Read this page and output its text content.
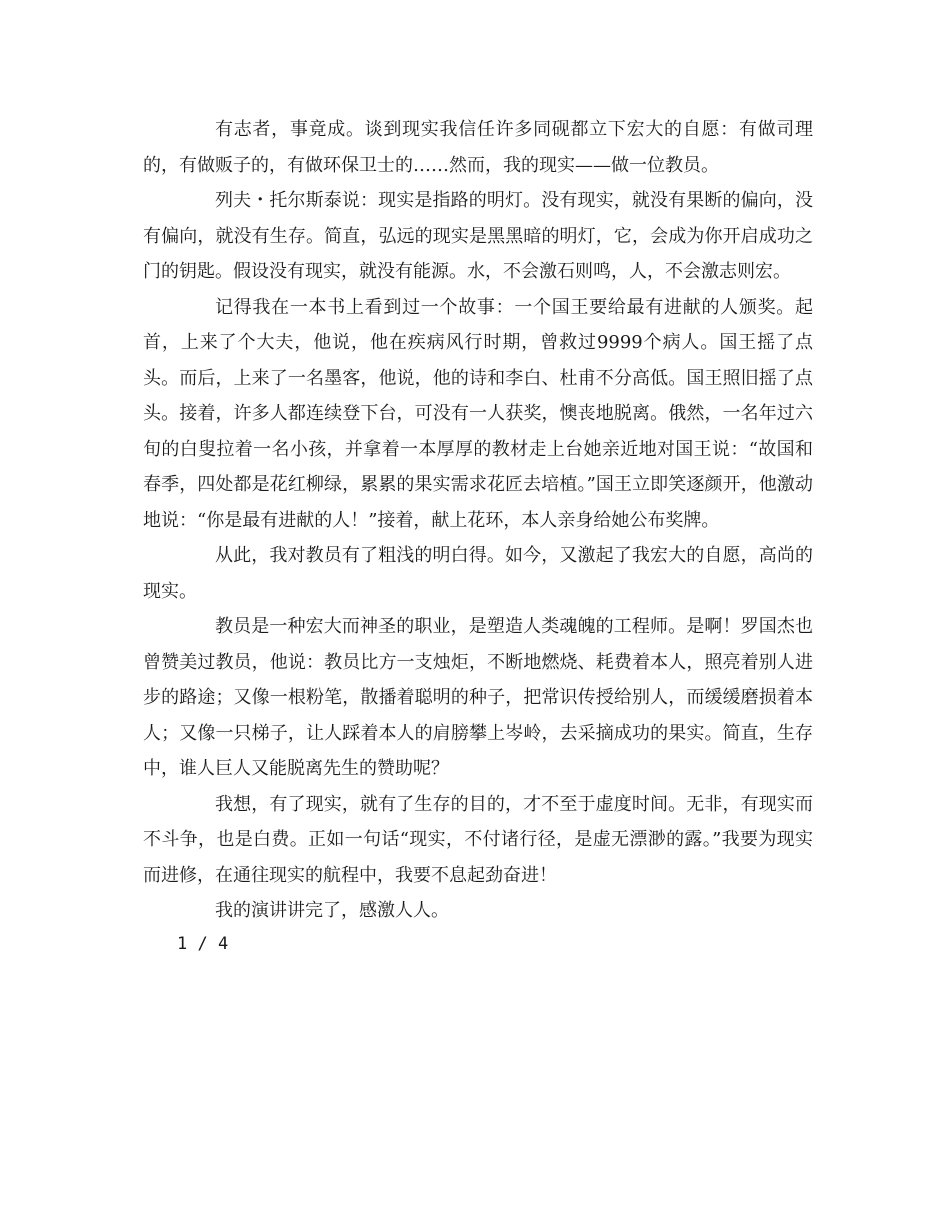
有志者，事竟成。谈到现实我信任许多同砚都立下宏大的自愿：有做司理的，有做贩子的，有做环保卫士的……然而，我的现实——做一位教员。

列夫・托尔斯泰说：现实是指路的明灯。没有现实，就没有果断的偏向，没有偏向，就没有生存。简直，弘远的现实是黑黑暗的明灯，它，会成为你开启成功之门的钥匙。假设没有现实，就没有能源。水，不会激石则鸣，人，不会激志则宏。

记得我在一本书上看到过一个故事：一个国王要给最有进献的人颁奖。起首，上来了个大夫，他说，他在疾病风行时期，曾救过9999个病人。国王摇了点头。而后，上来了一名墨客，他说，他的诗和李白、杜甫不分高低。国王照旧摇了点头。接着，许多人都连续登下台，可没有一人获奖，懊丧地脱离。俄然，一名年过六旬的白叟拉着一名小孩，并拿着一本厚厚的教材走上台她亲近地对国王说：“故国和春季，四处都是花红柳绿，累累的果实需求花匠去培植。”国王立即笑逐颜开，他激动地说：“你是最有进献的人！”接着，献上花环，本人亲身给她公布奖牌。

从此，我对教员有了粗浅的明白得。如今，又激起了我宏大的自愿，高尚的现实。

教员是一种宏大而神圣的职业，是塑造人类魂魄的工程师。是啊！罗国杰也曾赞美过教员，他说：教员比方一支烛炬，不断地燃烧、耗费着本人，照亮着别人进步的路途；又像一根粉笔，散播着聪明的种子，把常识传授给别人，而缓缓磨损着本人；又像一只梯子，让人踩着本人的肩膀攀上岑岭，去采摘成功的果实。简直，生存中，谁人巨人又能脱离先生的赞助呢？

我想，有了现实，就有了生存的目的，才不至于虚度时间。无非，有现实而不斗争，也是白费。正如一句话“现实，不付诸行径，是虚无漂渺的露。”我要为现实而进修，在通往现实的航程中，我要不息起劲奋进！

我的演讲讲完了，感激人人。

1 / 4
